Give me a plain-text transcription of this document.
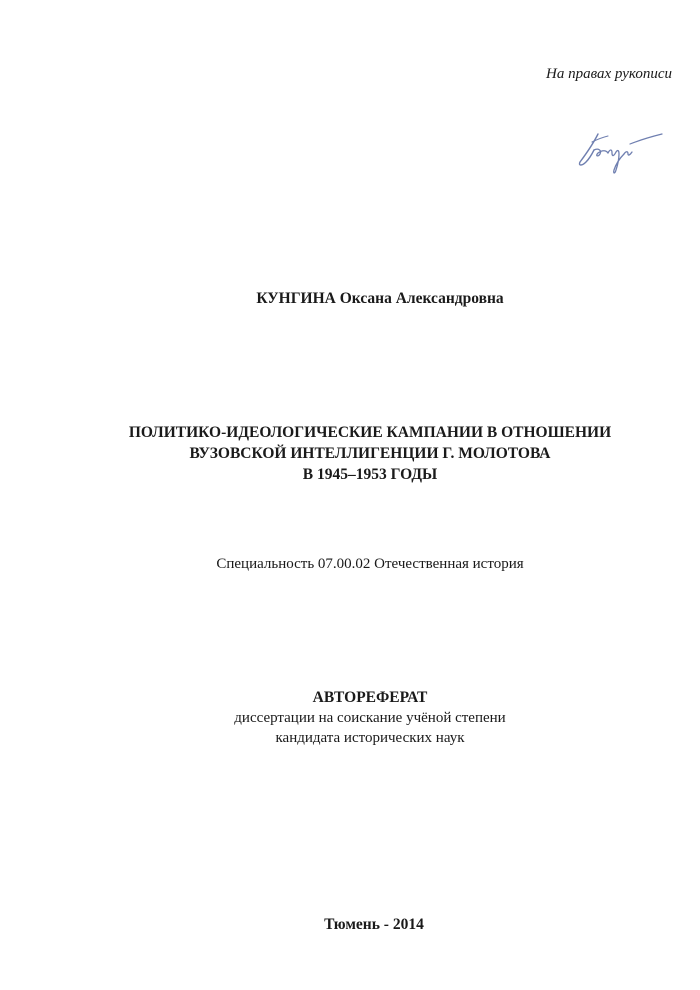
На правах рукописи
КУНГИНА Оксана Александровна
ПОЛИТИКО-ИДЕОЛОГИЧЕСКИЕ КАМПАНИИ В ОТНОШЕНИИ
ВУЗОВСКОЙ ИНТЕЛЛИГЕНЦИИ Г. МОЛОТОВА
В 1945–1953 ГОДЫ
Специальность 07.00.02 Отечественная история
АВТОРЕФЕРАТ
диссертации на соискание учёной степени
кандидата исторических наук
Тюмень - 2014
